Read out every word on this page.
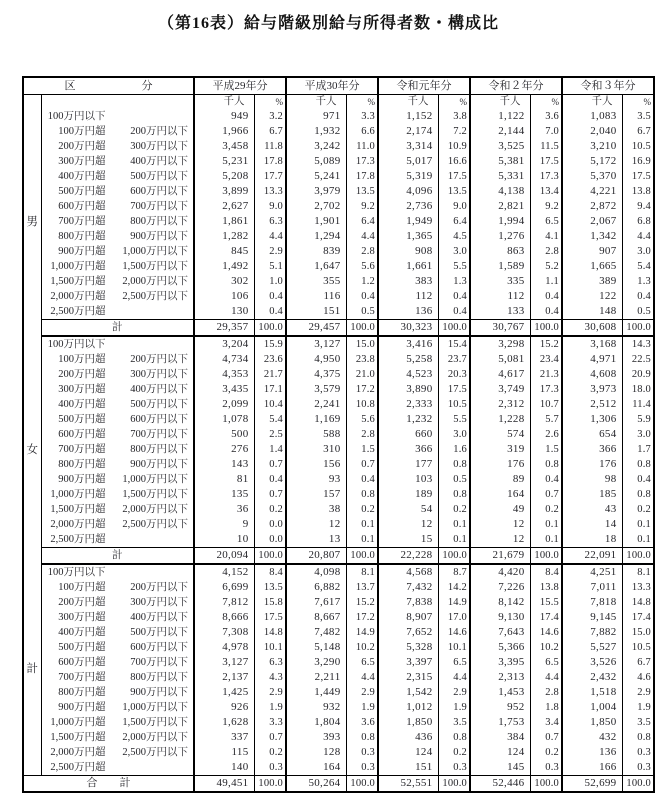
（第16表）給与階級別給与所得者数・構成比
区　　　　　　分		平成29年分		平成30年分		令和元年分		令和２年分		令和３年分	
		千人	%	千人	%	千人	%	千人	%	千人	%
男	100万円以下	949	3.2	971	3.3	1,152	3.8	1,122	3.6	1,083	3.5

	100万円超 200万円以下	1,966	6.7	1,932	6.6	2,174	7.2	2,144	7.0	2,040	6.7

	200万円超 300万円以下	3,458	11.8	3,242	11.0	3,314	10.9	3,525	11.5	3,210	10.5

	300万円超 400万円以下	5,231	17.8	5,089	17.3	5,017	16.6	5,381	17.5	5,172	16.9

	400万円超 500万円以下	5,208	17.7	5,241	17.8	5,319	17.5	5,331	17.3	5,370	17.5

	500万円超 600万円以下	3,899	13.3	3,979	13.5	4,096	13.5	4,138	13.4	4,221	13.8

	600万円超 700万円以下	2,627	9.0	2,702	9.2	2,736	9.0	2,821	9.2	2,872	9.4

	700万円超 800万円以下	1,861	6.3	1,901	6.4	1,949	6.4	1,994	6.5	2,067	6.8

	800万円超 900万円以下	1,282	4.4	1,294	4.4	1,365	4.5	1,276	4.1	1,342	4.4

	900万円超 1,000万円以下	845	2.9	839	2.8	908	3.0	863	2.8	907	3.0

	1,000万円超 1,500万円以下	1,492	5.1	1,647	5.6	1,661	5.5	1,589	5.2	1,665	5.4

	1,500万円超 2,000万円以下	302	1.0	355	1.2	383	1.3	335	1.1	389	1.3

	2,000万円超 2,500万円以下	106	0.4	116	0.4	112	0.4	112	0.4	122	0.4

	2,500万円超	130	0.4	151	0.5	136	0.4	133	0.4	148	0.5
	計	29,357	100.0	29,457	100.0	30,323	100.0	30,767	100.0	30,608	100.0
女	100万円以下	3,204	15.9	3,127	15.0	3,416	15.4	3,298	15.2	3,168	14.3

	100万円超 200万円以下	4,734	23.6	4,950	23.8	5,258	23.7	5,081	23.4	4,971	22.5

	200万円超 300万円以下	4,353	21.7	4,375	21.0	4,523	20.3	4,617	21.3	4,608	20.9

	300万円超 400万円以下	3,435	17.1	3,579	17.2	3,890	17.5	3,749	17.3	3,973	18.0

	400万円超 500万円以下	2,099	10.4	2,241	10.8	2,333	10.5	2,312	10.7	2,512	11.4

	500万円超 600万円以下	1,078	5.4	1,169	5.6	1,232	5.5	1,228	5.7	1,306	5.9

	600万円超 700万円以下	500	2.5	588	2.8	660	3.0	574	2.6	654	3.0

	700万円超 800万円以下	276	1.4	310	1.5	366	1.6	319	1.5	366	1.7

	800万円超 900万円以下	143	0.7	156	0.7	177	0.8	176	0.8	176	0.8

	900万円超 1,000万円以下	81	0.4	93	0.4	103	0.5	89	0.4	98	0.4

	1,000万円超 1,500万円以下	135	0.7	157	0.8	189	0.8	164	0.7	185	0.8

	1,500万円超 2,000万円以下	36	0.2	38	0.2	54	0.2	49	0.2	43	0.2

	2,000万円超 2,500万円以下	9	0.0	12	0.1	12	0.1	12	0.1	14	0.1

	2,500万円超	10	0.0	13	0.1	15	0.1	12	0.1	18	0.1
	計	20,094	100.0	20,807	100.0	22,228	100.0	21,679	100.0	22,091	100.0
計	100万円以下	4,152	8.4	4,098	8.1	4,568	8.7	4,420	8.4	4,251	8.1

	100万円超 200万円以下	6,699	13.5	6,882	13.7	7,432	14.2	7,226	13.8	7,011	13.3

	200万円超 300万円以下	7,812	15.8	7,617	15.2	7,838	14.9	8,142	15.5	7,818	14.8

	300万円超 400万円以下	8,666	17.5	8,667	17.2	8,907	17.0	9,130	17.4	9,145	17.4

	400万円超 500万円以下	7,308	14.8	7,482	14.9	7,652	14.6	7,643	14.6	7,882	15.0

	500万円超 600万円以下	4,978	10.1	5,148	10.2	5,328	10.1	5,366	10.2	5,527	10.5

	600万円超 700万円以下	3,127	6.3	3,290	6.5	3,397	6.5	3,395	6.5	3,526	6.7

	700万円超 800万円以下	2,137	4.3	2,211	4.4	2,315	4.4	2,313	4.4	2,432	4.6

	800万円超 900万円以下	1,425	2.9	1,449	2.9	1,542	2.9	1,453	2.8	1,518	2.9

	900万円超 1,000万円以下	926	1.9	932	1.9	1,012	1.9	952	1.8	1,004	1.9

	1,000万円超 1,500万円以下	1,628	3.3	1,804	3.6	1,850	3.5	1,753	3.4	1,850	3.5

	1,500万円超 2,000万円以下	337	0.7	393	0.8	436	0.8	384	0.7	432	0.8

	2,000万円超 2,500万円以下	115	0.2	128	0.3	124	0.2	124	0.2	136	0.3

	2,500万円超	140	0.3	164	0.3	151	0.3	145	0.3	166	0.3
合　　計		49,451	100.0	50,264	100.0	52,551	100.0	52,446	100.0	52,699	100.0
